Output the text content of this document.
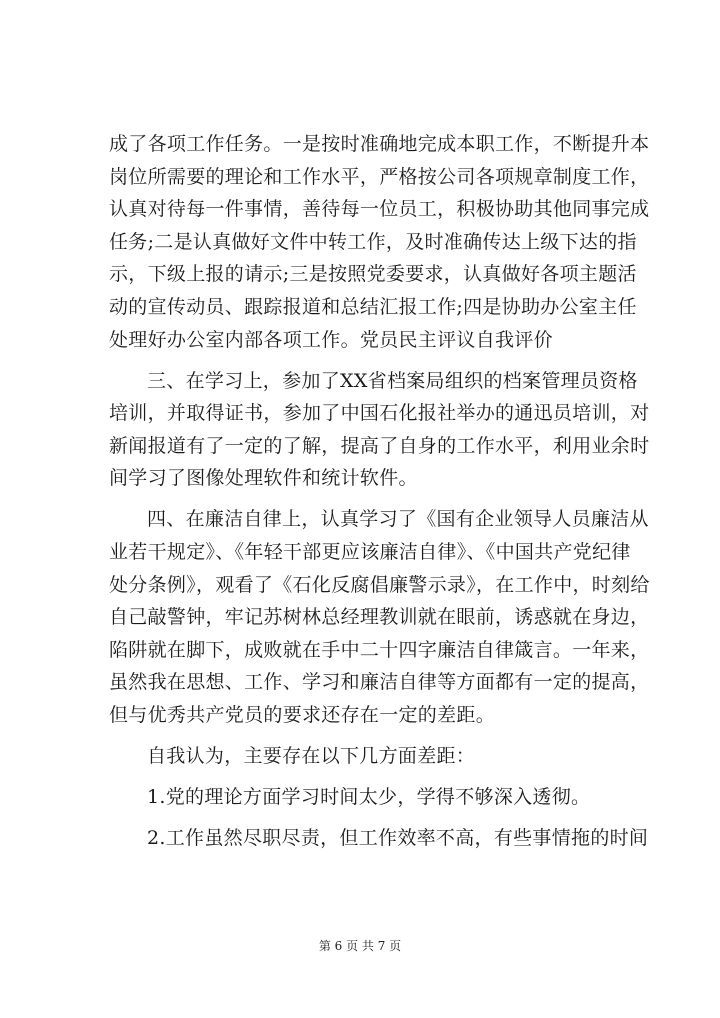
成了各项工作任务。一是按时准确地完成本职工作，不断提升本
岗位所需要的理论和工作水平，严格按公司各项规章制度工作，
认真对待每一件事情，善待每一位员工，积极协助其他同事完成
任务;二是认真做好文件中转工作，及时准确传达上级下达的指
示，下级上报的请示;三是按照党委要求，认真做好各项主题活
动的宣传动员、跟踪报道和总结汇报工作;四是协助办公室主任
处理好办公室内部各项工作。党员民主评议自我评价

三、在学习上，参加了XX省档案局组织的档案管理员资格
培训，并取得证书，参加了中国石化报社举办的通迅员培训，对
新闻报道有了一定的了解，提高了自身的工作水平，利用业余时
间学习了图像处理软件和统计软件。

四、在廉洁自律上，认真学习了《国有企业领导人员廉洁从
业若干规定》、《年轻干部更应该廉洁自律》、《中国共产党纪律
处分条例》，观看了《石化反腐倡廉警示录》，在工作中，时刻给
自己敲警钟，牢记苏树林总经理教训就在眼前，诱惑就在身边，
陷阱就在脚下，成败就在手中二十四字廉洁自律箴言。一年来，
虽然我在思想、工作、学习和廉洁自律等方面都有一定的提高，
但与优秀共产党员的要求还存在一定的差距。

自我认为，主要存在以下几方面差距：

1.党的理论方面学习时间太少，学得不够深入透彻。

2.工作虽然尽职尽责，但工作效率不高，有些事情拖的时间

第 6 页 共 7 页
